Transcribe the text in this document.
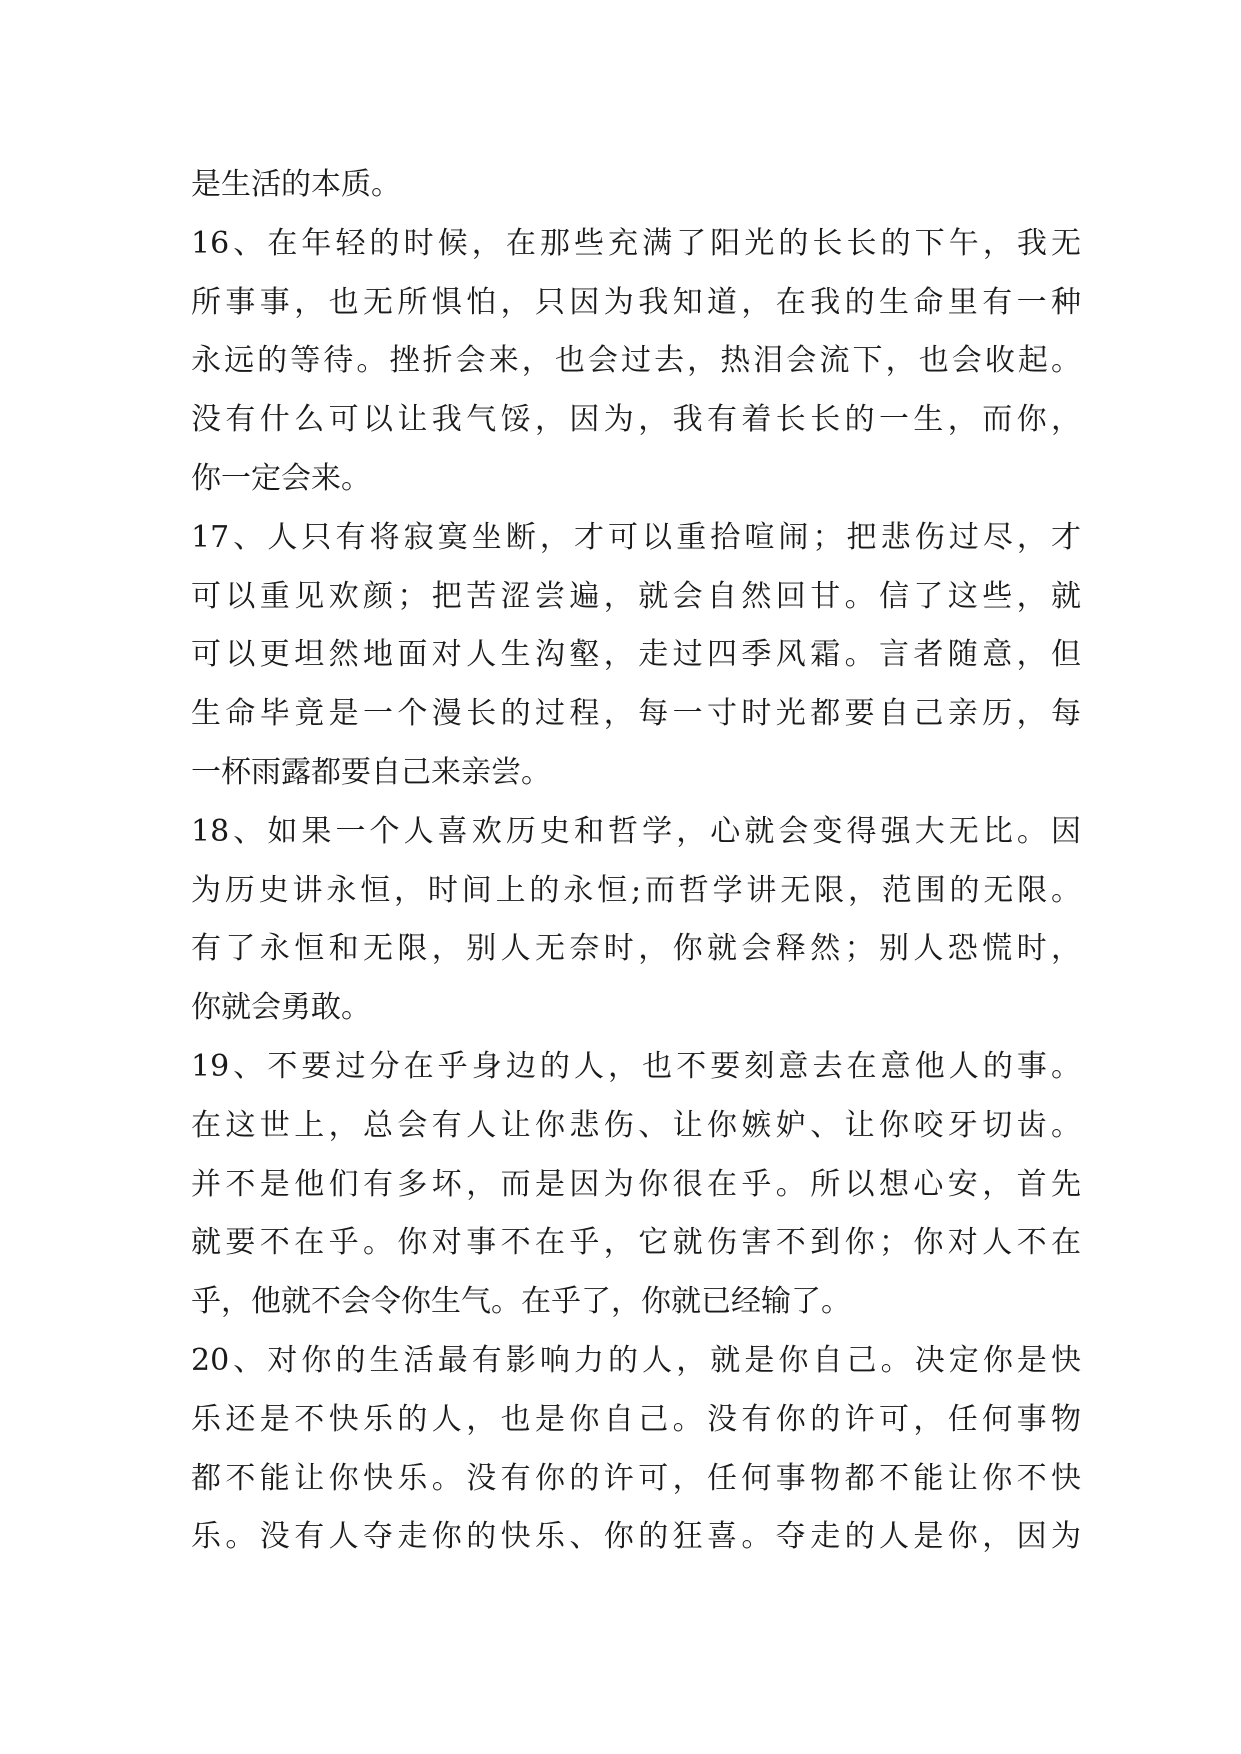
是生活的本质。
16、在年轻的时候，在那些充满了阳光的长长的下午，我无
所事事，也无所惧怕，只因为我知道，在我的生命里有一种
永远的等待。挫折会来，也会过去，热泪会流下，也会收起。
没有什么可以让我气馁，因为，我有着长长的一生，而你，
你一定会来。
17、人只有将寂寞坐断，才可以重拾喧闹；把悲伤过尽，才
可以重见欢颜；把苦涩尝遍，就会自然回甘。信了这些，就
可以更坦然地面对人生沟壑，走过四季风霜。言者随意，但
生命毕竟是一个漫长的过程，每一寸时光都要自己亲历，每
一杯雨露都要自己来亲尝。
18、如果一个人喜欢历史和哲学，心就会变得强大无比。因
为历史讲永恒，时间上的永恒;而哲学讲无限，范围的无限。
有了永恒和无限，别人无奈时，你就会释然；别人恐慌时，
你就会勇敢。
19、不要过分在乎身边的人，也不要刻意去在意他人的事。
在这世上，总会有人让你悲伤、让你嫉妒、让你咬牙切齿。
并不是他们有多坏，而是因为你很在乎。所以想心安，首先
就要不在乎。你对事不在乎，它就伤害不到你；你对人不在
乎，他就不会令你生气。在乎了，你就已经输了。
20、对你的生活最有影响力的人，就是你自己。决定你是快
乐还是不快乐的人，也是你自己。没有你的许可，任何事物
都不能让你快乐。没有你的许可，任何事物都不能让你不快
乐。没有人夺走你的快乐、你的狂喜。夺走的人是你，因为
